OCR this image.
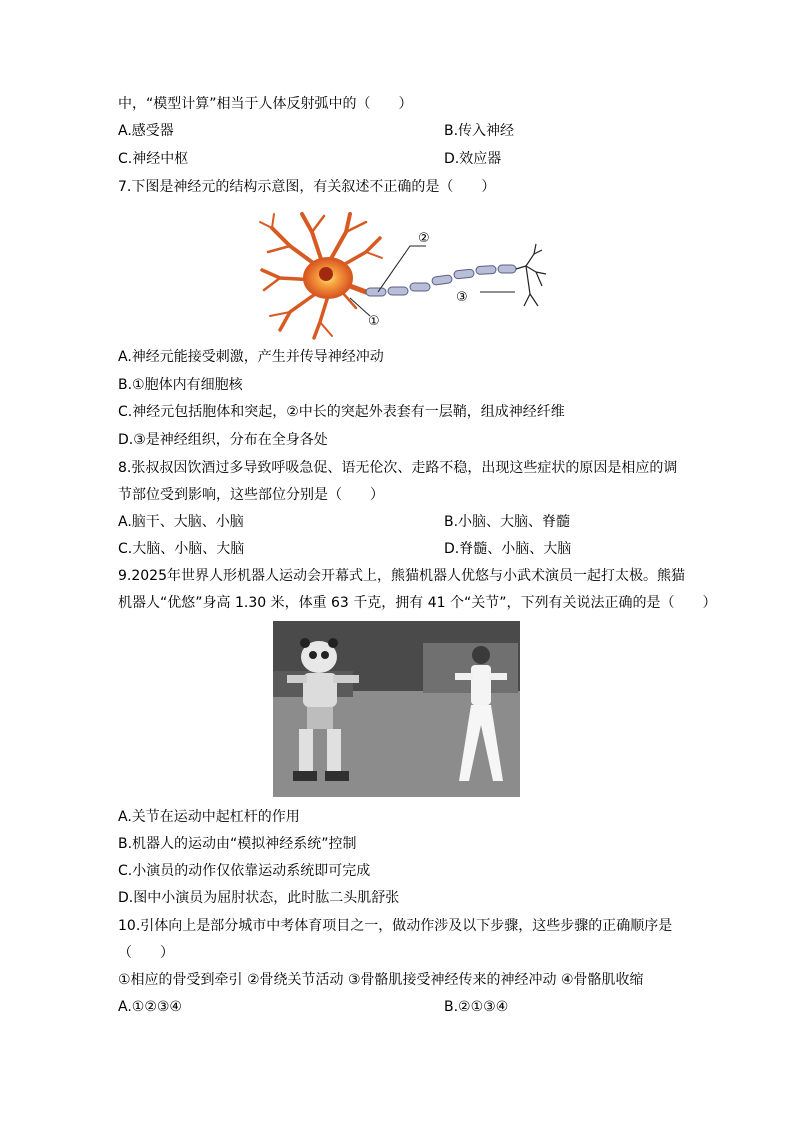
中，“模型计算”相当于人体反射弧中的（　　）
A.感受器	B.传入神经
C.神经中枢	D.效应器
7.下图是神经元的结构示意图，有关叙述不正确的是（　　）
②
③
①
A.神经元能接受刺激，产生并传导神经冲动
B.①胞体内有细胞核
C.神经元包括胞体和突起，②中长的突起外表套有一层鞘，组成神经纤维
D.③是神经组织，分布在全身各处
8.张叔叔因饮酒过多导致呼吸急促、语无伦次、走路不稳，出现这些症状的原因是相应的调
节部位受到影响，这些部位分别是（　　）
A.脑干、大脑、小脑	B.小脑、大脑、脊髓
C.大脑、小脑、大脑	D.脊髓、小脑、大脑
9.2025年世界人形机器人运动会开幕式上，熊猫机器人优悠与小武术演员一起打太极。熊猫
机器人“优悠”身高 1.30 米，体重 63 千克，拥有 41 个“关节”，下列有关说法正确的是（　　）
A.关节在运动中起杠杆的作用
B.机器人的运动由“模拟神经系统”控制
C.小演员的动作仅依靠运动系统即可完成
D.图中小演员为屈肘状态，此时肱二头肌舒张
10.引体向上是部分城市中考体育项目之一，做动作涉及以下步骤，这些步骤的正确顺序是
（　　）
①相应的骨受到牵引 ②骨绕关节活动 ③骨骼肌接受神经传来的神经冲动 ④骨骼肌收缩
A.①②③④	B.②①③④
